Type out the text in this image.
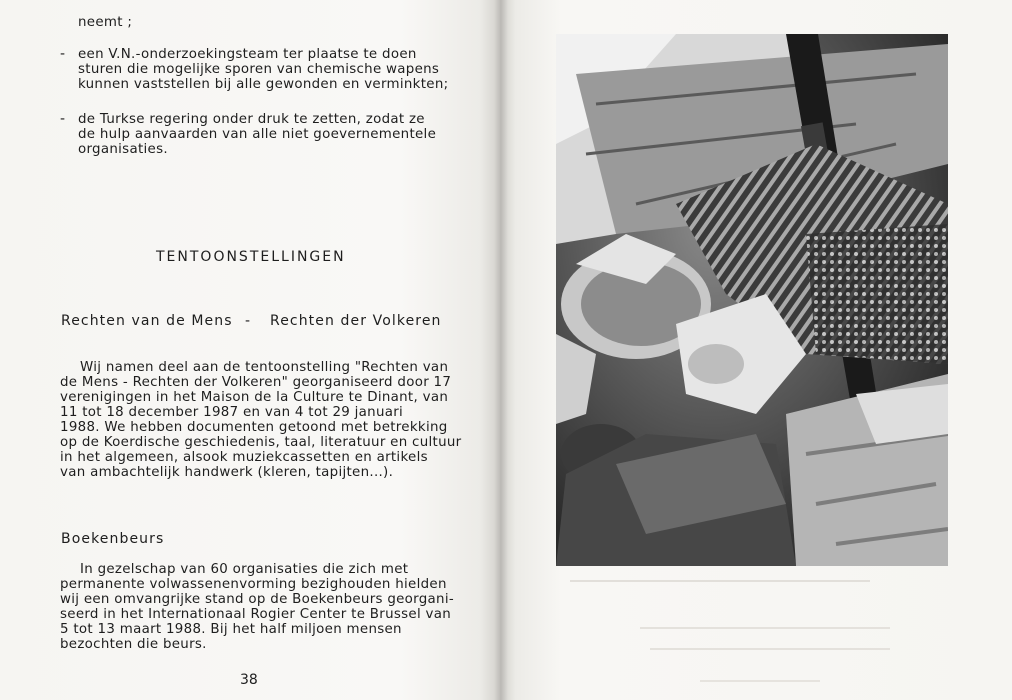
neemt ;
- een V.N.-onderzoekingsteam ter plaatse te doen
sturen die mogelijke sporen van chemische wapens
kunnen vaststellen bij alle gewonden en verminkten;
- de Turkse regering onder druk te zetten, zodat ze
de hulp aanvaarden van alle niet goevernementele
organisaties.
TENTOONSTELLINGEN
Rechten van de Mens - Rechten der Volkeren
Wij namen deel aan de tentoonstelling "Rechten van
de Mens - Rechten der Volkeren" georganiseerd door 17
verenigingen in het Maison de la Culture te Dinant, van
11 tot 18 december 1987 en van 4 tot 29 januari
1988. We hebben documenten getoond met betrekking
op de Koerdische geschiedenis, taal, literatuur en cultuur
in het algemeen, alsook muziekcassetten en artikels
van ambachtelijk handwerk (kleren, tapijten...).
Boekenbeurs
In gezelschap van 60 organisaties die zich met
permanente volwassenenvorming bezighouden hielden
wij een omvangrijke stand op de Boekenbeurs georgani-
seerd in het Internationaal Rogier Center te Brussel van
5 tot 13 maart 1988. Bij het half miljoen mensen
bezochten die beurs.
38
